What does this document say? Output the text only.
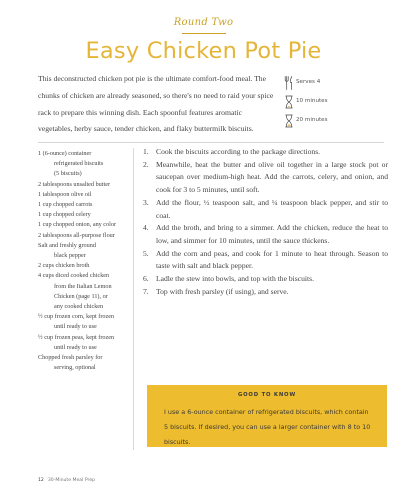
Round Two
Easy Chicken Pot Pie
This deconstructed chicken pot pie is the ultimate comfort-food meal. The chunks of chicken are already seasoned, so there's no need to raid your spice rack to prepare this winning dish. Each spoonful features aromatic vegetables, herby sauce, tender chicken, and flaky buttermilk biscuits.
Serves 4
10 minutes
20 minutes
1 (6-ounce) container
refrigerated biscuits
(5 biscuits)
2 tablespoons unsalted butter
1 tablespoon olive oil
1 cup chopped carrots
1 cup chopped celery
1 cup chopped onion, any color
2 tablespoons all-purpose flour
Salt and freshly ground
black pepper
2 cups chicken broth
4 cups diced cooked chicken
from the Italian Lemon
Chicken (page 11), or
any cooked chicken
½ cup frozen corn, kept frozen
until ready to use
½ cup frozen peas, kept frozen
until ready to use
Chopped fresh parsley for
serving, optional
1. Cook the biscuits according to the package directions.
2. Meanwhile, heat the butter and olive oil together in a large stock pot or saucepan over medium-high heat. Add the carrots, celery, and onion, and cook for 3 to 5 minutes, until soft.
3. Add the flour, ½ teaspoon salt, and ¼ teaspoon black pepper, and stir to coat.
4. Add the broth, and bring to a simmer. Add the chicken, reduce the heat to low, and simmer for 10 minutes, until the sauce thickens.
5. Add the corn and peas, and cook for 1 minute to heat through. Season to taste with salt and black pepper.
6. Ladle the stew into bowls, and top with the biscuits.
7. Top with fresh parsley (if using), and serve.
GOOD TO KNOW
I use a 6-ounce container of refrigerated biscuits, which contain 5 biscuits. If desired, you can use a larger container with 8 to 10 biscuits.
12 30-Minute Meal Prep
